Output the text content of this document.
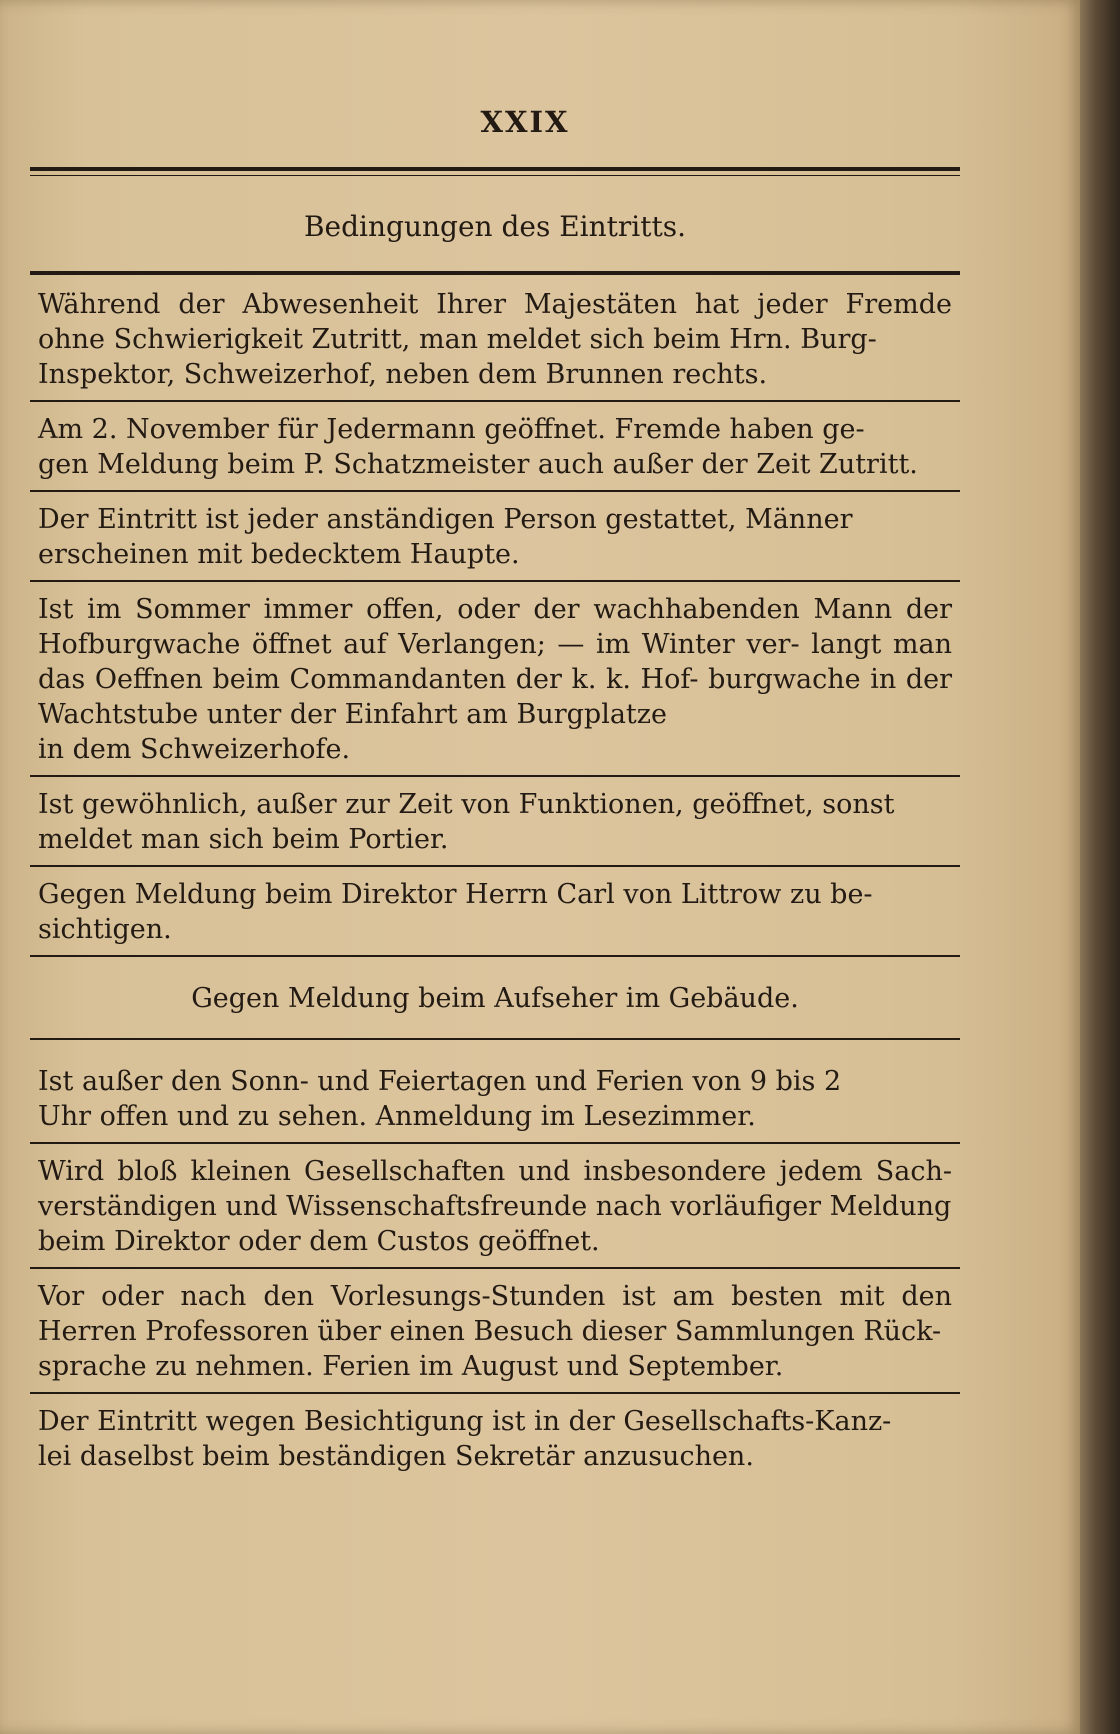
XXIX
Bedingungen des Eintritts.
Während der Abwesenheit Ihrer Majestäten hat jeder Fremde ohne Schwierigkeit Zutritt, man meldet sich beim Hrn. Burg-
Inspektor, Schweizerhof, neben dem Brunnen rechts.
Am 2. November für Jedermann geöffnet. Fremde haben ge-
gen Meldung beim P. Schatzmeister auch außer der Zeit Zutritt.
Der Eintritt ist jeder anständigen Person gestattet, Männer
erscheinen mit bedecktem Haupte.
Ist im Sommer immer offen, oder der wachhabenden Mann der Hofburgwache öffnet auf Verlangen; — im Winter ver- langt man das Oeffnen beim Commandanten der k. k. Hof- burgwache in der Wachtstube unter der Einfahrt am Burgplatze
in dem Schweizerhofe.
Ist gewöhnlich, außer zur Zeit von Funktionen, geöffnet, sonst
meldet man sich beim Portier.
Gegen Meldung beim Direktor Herrn Carl von Littrow zu be-
sichtigen.
Gegen Meldung beim Aufseher im Gebäude.
Ist außer den Sonn- und Feiertagen und Ferien von 9 bis 2
Uhr offen und zu sehen. Anmeldung im Lesezimmer.
Wird bloß kleinen Gesellschaften und insbesondere jedem Sach- verständigen und Wissenschaftsfreunde nach vorläufiger Meldung
beim Direktor oder dem Custos geöffnet.
Vor oder nach den Vorlesungs-Stunden ist am besten mit den Herren Professoren über einen Besuch dieser Sammlungen Rück-
sprache zu nehmen. Ferien im August und September.
Der Eintritt wegen Besichtigung ist in der Gesellschafts-Kanz-
lei daselbst beim beständigen Sekretär anzusuchen.
